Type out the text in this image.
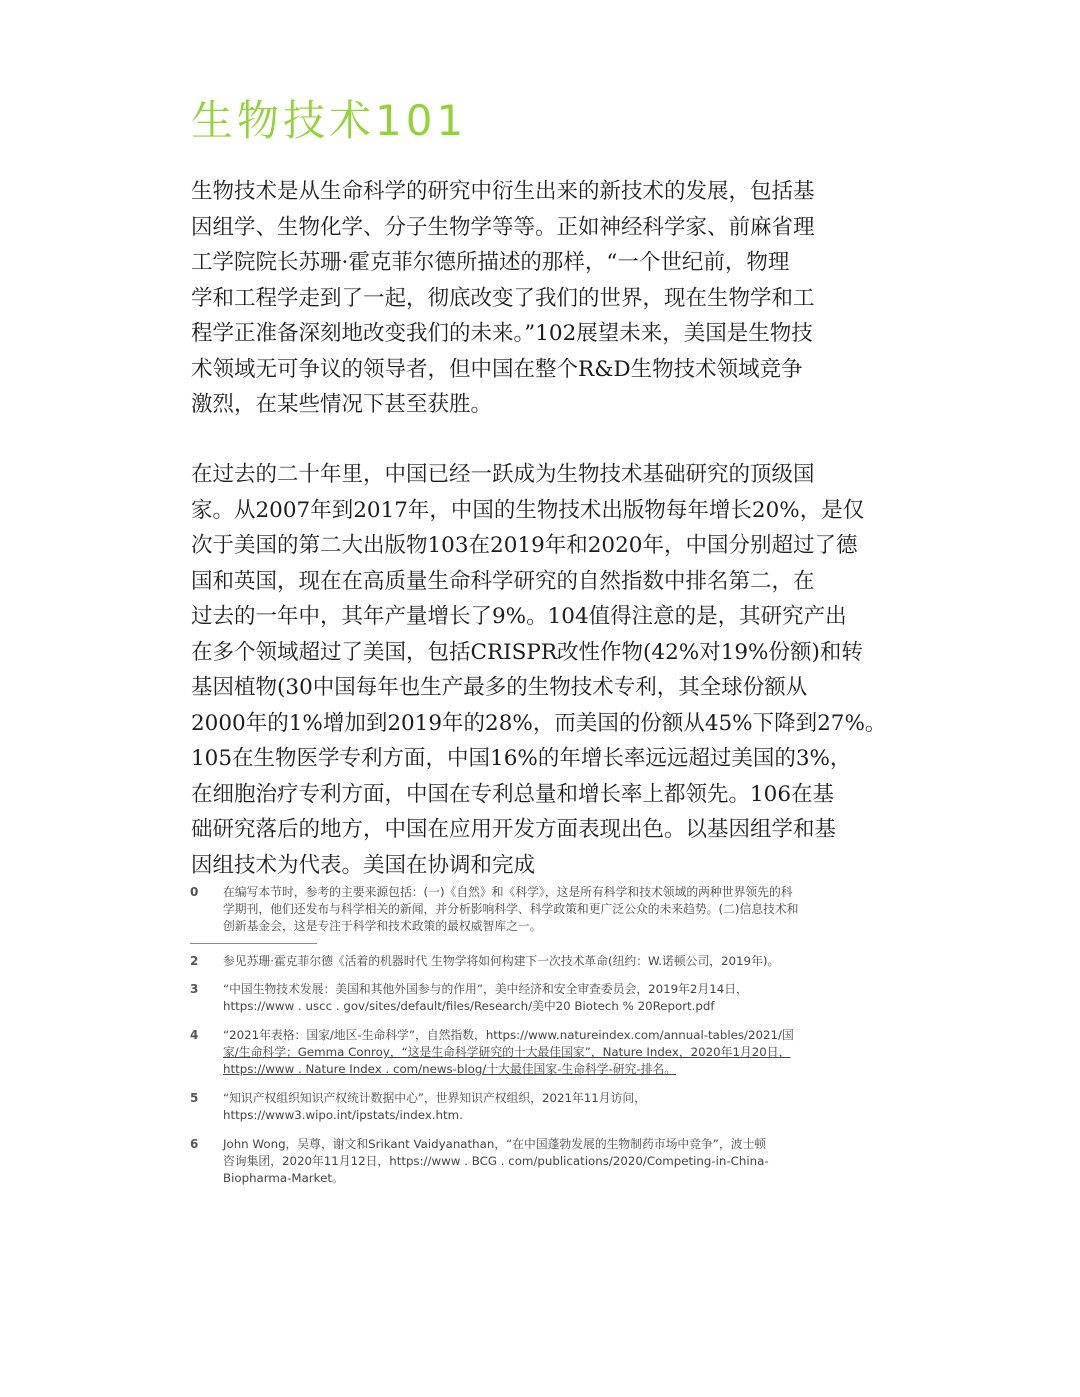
生物技术101
生物技术是从生命科学的研究中衍生出来的新技术的发展，包括基
因组学、生物化学、分子生物学等等。正如神经科学家、前麻省理
工学院院长苏珊·霍克菲尔德所描述的那样，“一个世纪前，物理
学和工程学走到了一起，彻底改变了我们的世界，现在生物学和工
程学正准备深刻地改变我们的未来。”102展望未来，美国是生物技
术领域无可争议的领导者，但中国在整个R&D生物技术领域竞争
激烈，在某些情况下甚至获胜。
在过去的二十年里，中国已经一跃成为生物技术基础研究的顶级国
家。从2007年到2017年，中国的生物技术出版物每年增长20%，是仅
次于美国的第二大出版物103在2019年和2020年，中国分别超过了德
国和英国，现在在高质量生命科学研究的自然指数中排名第二，在
过去的一年中，其年产量增长了9%。104值得注意的是，其研究产出
在多个领域超过了美国，包括CRISPR改性作物(42%对19%份额)和转
基因植物(30中国每年也生产最多的生物技术专利，其全球份额从
2000年的1%增加到2019年的28%，而美国的份额从45%下降到27%。
105在生物医学专利方面，中国16%的年增长率远远超过美国的3%，
在细胞治疗专利方面，中国在专利总量和增长率上都领先。106在基
础研究落后的地方，中国在应用开发方面表现出色。以基因组学和基
因组技术为代表。美国在协调和完成
0 在编写本节时，参考的主要来源包括：(一)《自然》和《科学》，这是所有科学和技术领域的两种世界领先的科
学期刊，他们还发布与科学相关的新闻，并分析影响科学、科学政策和更广泛公众的未来趋势。(二)信息技术和
创新基金会，这是专注于科学和技术政策的最权威智库之一。
2 参见苏珊·霍克菲尔德《活着的机器时代 生物学将如何构建下一次技术革命(纽约：W.诺顿公司，2019年)。
3 “中国生物技术发展：美国和其他外国参与的作用”，美中经济和安全审查委员会，2019年2月14日，
https://www . uscc . gov/sites/default/files/Research/美中20 Biotech % 20Report.pdf
4 “2021年表格：国家/地区-生命科学”，自然指数，https://www.natureindex.com/annual-tables/2021/国
家/生命科学；Gemma Conroy，“这是生命科学研究的十大最佳国家”，Nature Index，2020年1月20日，
https://www . Nature Index . com/news-blog/十大最佳国家-生命科学-研究-排名。
5 “知识产权组织知识产权统计数据中心”，世界知识产权组织，2021年11月访问，
https://www3.wipo.int/ipstats/index.htm.
6 John Wong，吴尊，谢文和Srikant Vaidyanathan，“在中国蓬勃发展的生物制药市场中竞争”，波士顿
咨询集团，2020年11月12日，https://www . BCG . com/publications/2020/Competing-in-China-
Biopharma-Market。
